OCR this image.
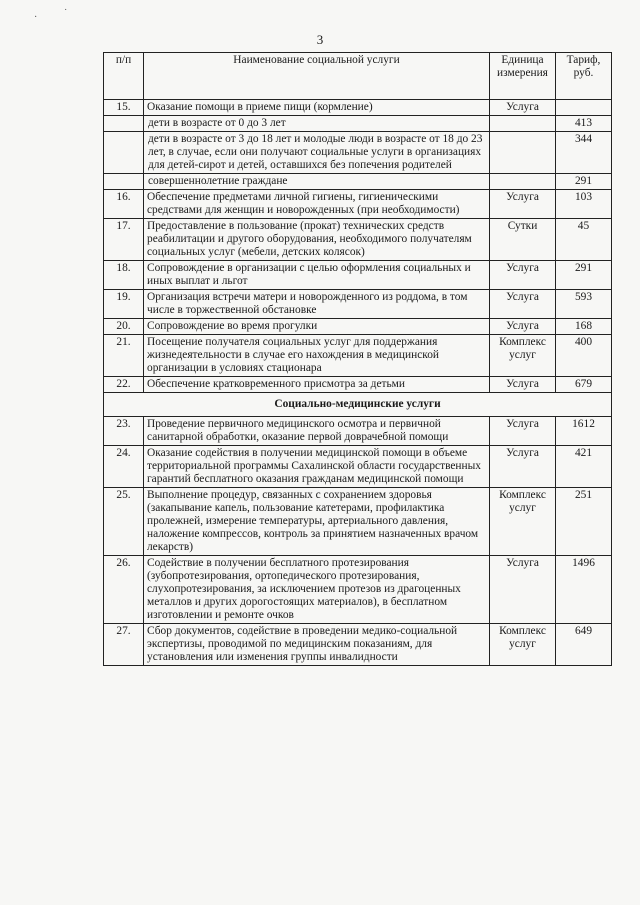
·	˙
3
п/п	Наименование социальной услуги	Единица измерения	Тариф, руб.
15.	Оказание помощи в приеме пищи (кормление)	Услуга	
	дети в возрасте от 0 до 3 лет		413
	дети в возрасте от 3 до 18 лет и молодые люди в возрасте от 18 до 23 лет, в случае, если они получают социальные услуги в организациях для детей-сирот и детей, оставшихся без попечения родителей		344
	совершеннолетние граждане		291
16.	Обеспечение предметами личной гигиены, гигиеническими средствами для женщин и новорожденных (при необходимости)	Услуга	103
17.	Предоставление в пользование (прокат) технических средств реабилитации и другого оборудования, необходимого получателям социальных услуг (мебели, детских колясок)	Сутки	45
18.	Сопровождение в организации с целью оформления социальных и иных выплат и льгот	Услуга	291
19.	Организация встречи матери и новорожденного из роддома, в том числе в торжественной обстановке	Услуга	593
20.	Сопровождение во время прогулки	Услуга	168
21.	Посещение получателя социальных услуг для поддержания жизнедеятельности в случае его нахождения в медицинской организации в условиях стационара	Комплекс услуг	400
22.	Обеспечение кратковременного присмотра за детьми	Услуга	679
Социально-медицинские услуги			
23.	Проведение первичного медицинского осмотра и первичной санитарной обработки, оказание первой доврачебной помощи	Услуга	1612
24.	Оказание содействия в получении медицинской помощи в объеме территориальной программы Сахалинской области государственных гарантий бесплатного оказания гражданам медицинской помощи	Услуга	421
25.	Выполнение процедур, связанных с сохранением здоровья (закапывание капель, пользование катетерами, профилактика пролежней, измерение температуры, артериального давления, наложение компрессов, контроль за принятием назначенных врачом лекарств)	Комплекс услуг	251
26.	Содействие в получении бесплатного протезирования (зубопротезирования, ортопедического протезирования, слухопротезирования, за исключением протезов из драгоценных металлов и других дорогостоящих материалов), в бесплатном изготовлении и ремонте очков	Услуга	1496
27.	Сбор документов, содействие в проведении медико-социальной экспертизы, проводимой по медицинским показаниям, для установления или изменения группы инвалидности	Комплекс услуг	649
